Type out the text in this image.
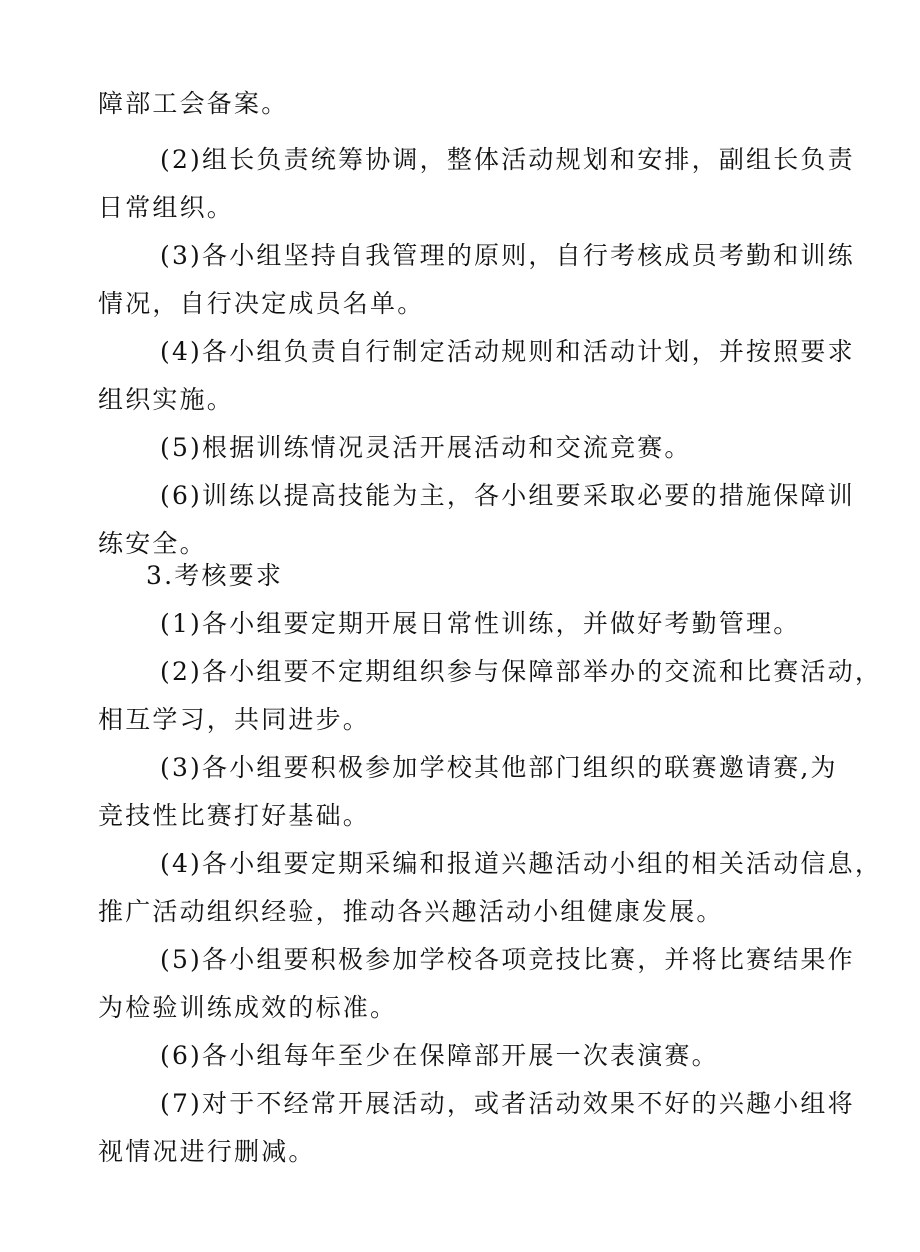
障部工会备案。
(2)组长负责统筹协调，整体活动规划和安排，副组长负责
日常组织。
(3)各小组坚持自我管理的原则，自行考核成员考勤和训练
情况，自行决定成员名单。
(4)各小组负责自行制定活动规则和活动计划，并按照要求
组织实施。
(5)根据训练情况灵活开展活动和交流竞赛。
(6)训练以提高技能为主，各小组要采取必要的措施保障训
练安全。
3.考核要求
(1)各小组要定期开展日常性训练，并做好考勤管理。
(2)各小组要不定期组织参与保障部举办的交流和比赛活动，
相互学习，共同进步。
(3)各小组要积极参加学校其他部门组织的联赛邀请赛,为
竞技性比赛打好基础。
(4)各小组要定期采编和报道兴趣活动小组的相关活动信息，
推广活动组织经验，推动各兴趣活动小组健康发展。
(5)各小组要积极参加学校各项竞技比赛，并将比赛结果作
为检验训练成效的标准。
(6)各小组每年至少在保障部开展一次表演赛。
(7)对于不经常开展活动，或者活动效果不好的兴趣小组将
视情况进行删减。
